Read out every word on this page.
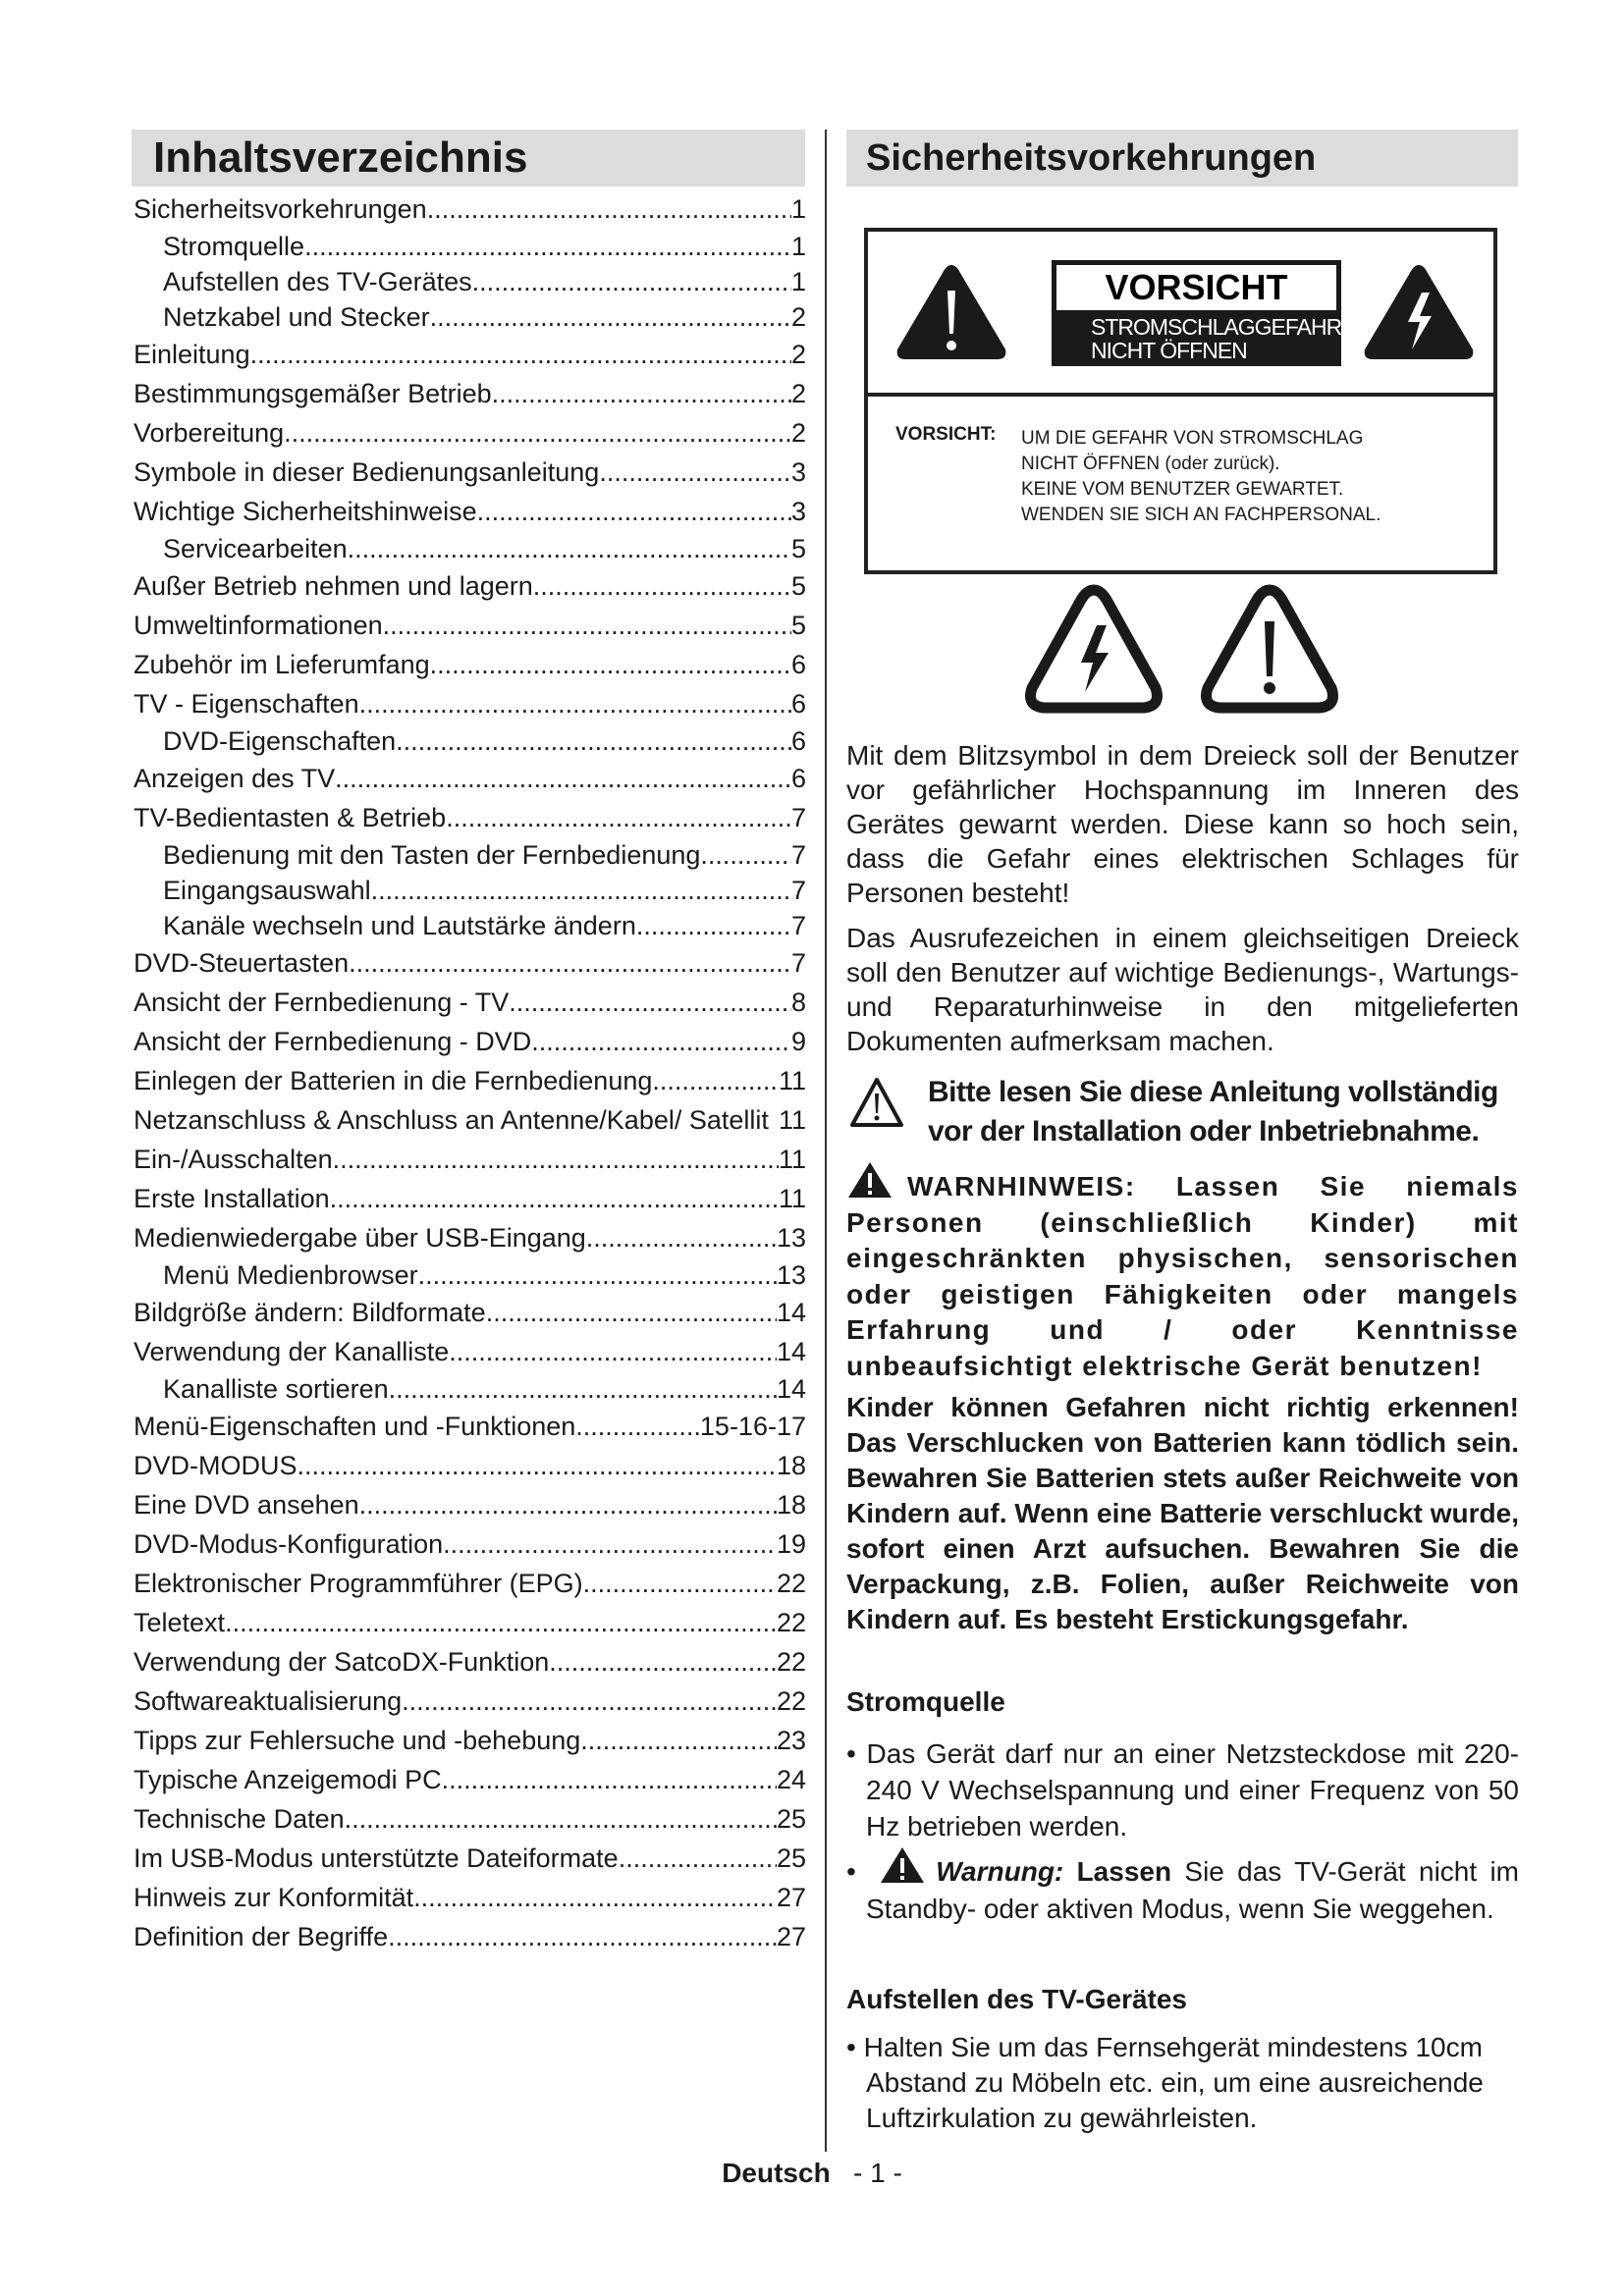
Inhaltsverzeichnis
Sicherheitsvorkehrungen .....	1
Stromquelle .....	1
Aufstellen des TV-Gerätes .....	1
Netzkabel und Stecker .....	2
Einleitung .....	2
Bestimmungsgemäßer Betrieb .....	2
Vorbereitung .....	2
Symbole in dieser Bedienungsanleitung .....	3
Wichtige Sicherheitshinweise .....	3
Servicearbeiten .....	5
Außer Betrieb nehmen und lagern .....	5
Umweltinformationen .....	5
Zubehör im Lieferumfang .....	6
TV - Eigenschaften .....	6
DVD-Eigenschaften .....	6
Anzeigen des TV .....	6
TV-Bedientasten & Betrieb .....	7
Bedienung mit den Tasten der Fernbedienung .....	7
Eingangsauswahl .....	7
Kanäle wechseln und Lautstärke ändern .....	7
DVD-Steuertasten .....	7
Ansicht der Fernbedienung - TV .....	8
Ansicht der Fernbedienung - DVD .....	9
Einlegen der Batterien in die Fernbedienung .....	11
Netzanschluss & Anschluss an Antenne/Kabel/ Satellit 11
Ein-/Ausschalten .....	11
Erste Installation .....	11
Medienwiedergabe über USB-Eingang .....	13
Menü Medienbrowser .....	13
Bildgröße ändern: Bildformate .....	14
Verwendung der Kanalliste .....	14
Kanalliste sortieren .....	14
Menü-Eigenschaften und -Funktionen .....	15-16-17
DVD-MODUS .....	18
Eine DVD ansehen .....	18
DVD-Modus-Konfiguration .....	19
Elektronischer Programmführer (EPG) .....	22
Teletext .....	22
Verwendung der SatcoDX-Funktion .....	22
Softwareaktualisierung .....	22
Tipps zur Fehlersuche und -behebung .....	23
Typische Anzeigemodi PC .....	24
Technische Daten .....	25
Im USB-Modus unterstützte Dateiformate .....	25
Hinweis zur Konformität .....	27
Definition der Begriffe .....	27
Sicherheitsvorkehrungen
VORSICHT
STROMSCHLAGGEFAHR
NICHT ÖFFNEN
VORSICHT: UM DIE GEFAHR VON STROMSCHLAG
NICHT ÖFFNEN (oder zurück).
KEINE VOM BENUTZER GEWARTET.
WENDEN SIE SICH AN FACHPERSONAL.
Mit dem Blitzsymbol in dem Dreieck soll der Benutzer vor gefährlicher Hochspannung im Inneren des Gerätes gewarnt werden. Diese kann so hoch sein, dass die Gefahr eines elektrischen Schlages für Personen besteht!
Das Ausrufezeichen in einem gleichseitigen Dreieck soll den Benutzer auf wichtige Bedienungs-, Wartungs- und Reparaturhinweise in den mitgelieferten Dokumenten aufmerksam machen.
Bitte lesen Sie diese Anleitung vollständig vor der Installation oder Inbetriebnahme.
WARNHINWEIS: Lassen Sie niemals Personen (einschließlich Kinder) mit eingeschränkten physischen, sensorischen oder geistigen Fähigkeiten oder mangels Erfahrung und / oder Kenntnisse unbeaufsichtigt elektrische Gerät benutzen!
Kinder können Gefahren nicht richtig erkennen! Das Verschlucken von Batterien kann tödlich sein. Bewahren Sie Batterien stets außer Reichweite von Kindern auf. Wenn eine Batterie verschluckt wurde, sofort einen Arzt aufsuchen. Bewahren Sie die Verpackung, z.B. Folien, außer Reichweite von Kindern auf. Es besteht Erstickungsgefahr.
Stromquelle
• Das Gerät darf nur an einer Netzsteckdose mit 220-240 V Wechselspannung und einer Frequenz von 50 Hz betrieben werden.
• Warnung: Lassen Sie das TV-Gerät nicht im Standby- oder aktiven Modus, wenn Sie weggehen.
Aufstellen des TV-Gerätes
• Halten Sie um das Fernsehgerät mindestens 10cm Abstand zu Möbeln etc. ein, um eine ausreichende Luftzirkulation zu gewährleisten.
Deutsch - 1 -
